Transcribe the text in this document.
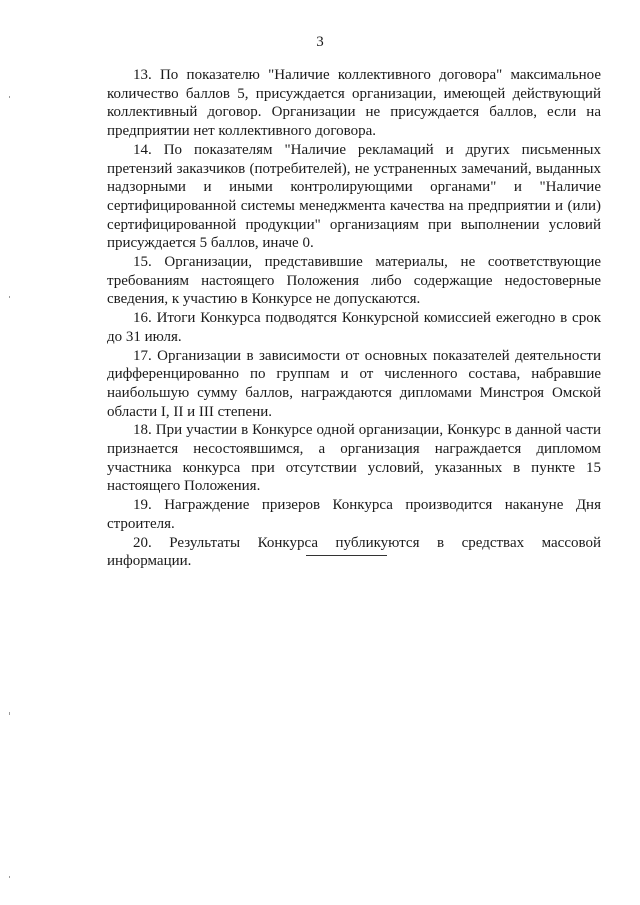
3

13. По показателю "Наличие коллективного договора" максимальное количество баллов 5, присуждается организации, имеющей действующий коллективный договор. Организации не присуждается баллов, если на предприятии нет коллективного договора.

14. По показателям "Наличие рекламаций и других письменных претензий заказчиков (потребителей), не устраненных замечаний, выданных надзорными и иными контролирующими органами" и "Наличие сертифицированной системы менеджмента качества на предприятии и (или) сертифицированной продукции" организациям при выполнении условий присуждается 5 баллов, иначе 0.

15. Организации, представившие материалы, не соответствующие требованиям настоящего Положения либо содержащие недостоверные сведения, к участию в Конкурсе не допускаются.

16. Итоги Конкурса подводятся Конкурсной комиссией ежегодно в срок до 31 июля.

17. Организации в зависимости от основных показателей деятельности дифференцированно по группам и от численного состава, набравшие наибольшую сумму баллов, награждаются дипломами Минстроя Омской области I, II и III степени.

18. При участии в Конкурсе одной организации, Конкурс в данной части признается несостоявшимся, а организация награждается дипломом участника конкурса при отсутствии условий, указанных в пункте 15 настоящего Положения.

19. Награждение призеров Конкурса производится накануне Дня строителя.

20. Результаты Конкурса публикуются в средствах массовой информации.
